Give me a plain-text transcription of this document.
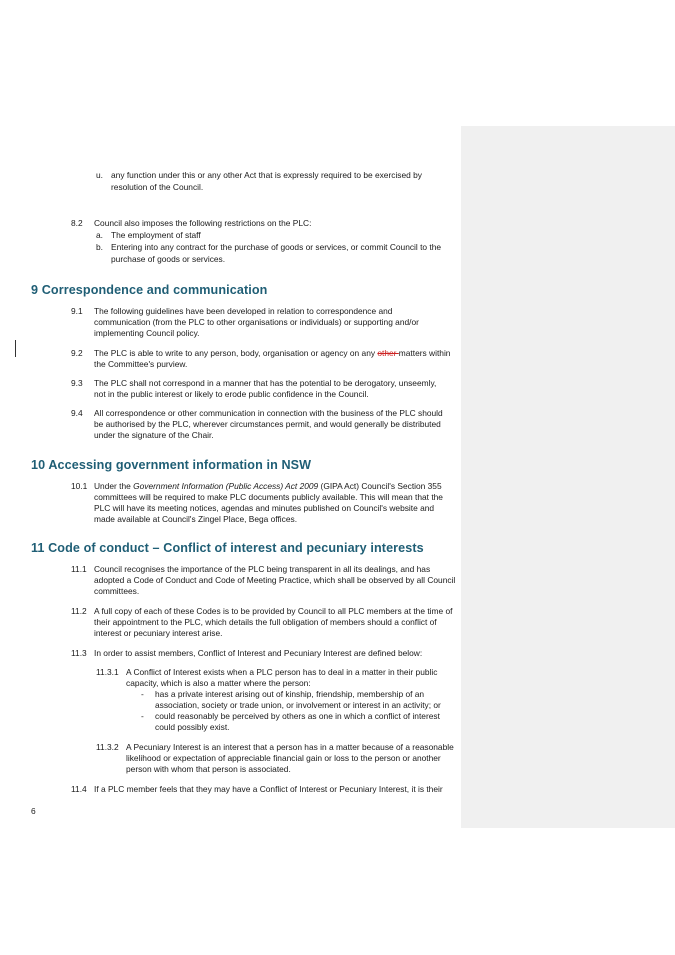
u. any function under this or any other Act that is expressly required to be exercised by
resolution of the Council.
8.2 Council also imposes the following restrictions on the PLC:
a. The employment of staff
b. Entering into any contract for the purchase of goods or services, or commit Council to the
purchase of goods or services.
9 Correspondence and communication
9.1 The following guidelines have been developed in relation to correspondence and
communication (from the PLC to other organisations or individuals) or supporting and/or
implementing Council policy.
9.2 The PLC is able to write to any person, body, organisation or agency on any other matters within
the Committee's purview.
9.3 The PLC shall not correspond in a manner that has the potential to be derogatory, unseemly,
not in the public interest or likely to erode public confidence in the Council.
9.4 All correspondence or other communication in connection with the business of the PLC should
be authorised by the PLC, wherever circumstances permit, and would generally be distributed
under the signature of the Chair.
10 Accessing government information in NSW
10.1 Under the Government Information (Public Access) Act 2009 (GIPA Act) Council's Section 355
committees will be required to make PLC documents publicly available. This will mean that the
PLC will have its meeting notices, agendas and minutes published on Council's website and
made available at Council's Zingel Place, Bega offices.
11 Code of conduct – Conflict of interest and pecuniary interests
11.1 Council recognises the importance of the PLC being transparent in all its dealings, and has
adopted a Code of Conduct and Code of Meeting Practice, which shall be observed by all Council
committees.
11.2 A full copy of each of these Codes is to be provided by Council to all PLC members at the time of
their appointment to the PLC, which details the full obligation of members should a conflict of
interest or pecuniary interest arise.
11.3 In order to assist members, Conflict of Interest and Pecuniary Interest are defined below:
11.3.1 A Conflict of Interest exists when a PLC person has to deal in a matter in their public
capacity, which is also a matter where the person:
- has a private interest arising out of kinship, friendship, membership of an
association, society or trade union, or involvement or interest in an activity; or
- could reasonably be perceived by others as one in which a conflict of interest
could possibly exist.
11.3.2 A Pecuniary Interest is an interest that a person has in a matter because of a reasonable
likelihood or expectation of appreciable financial gain or loss to the person or another
person with whom that person is associated.
11.4 If a PLC member feels that they may have a Conflict of Interest or Pecuniary Interest, it is their
6
